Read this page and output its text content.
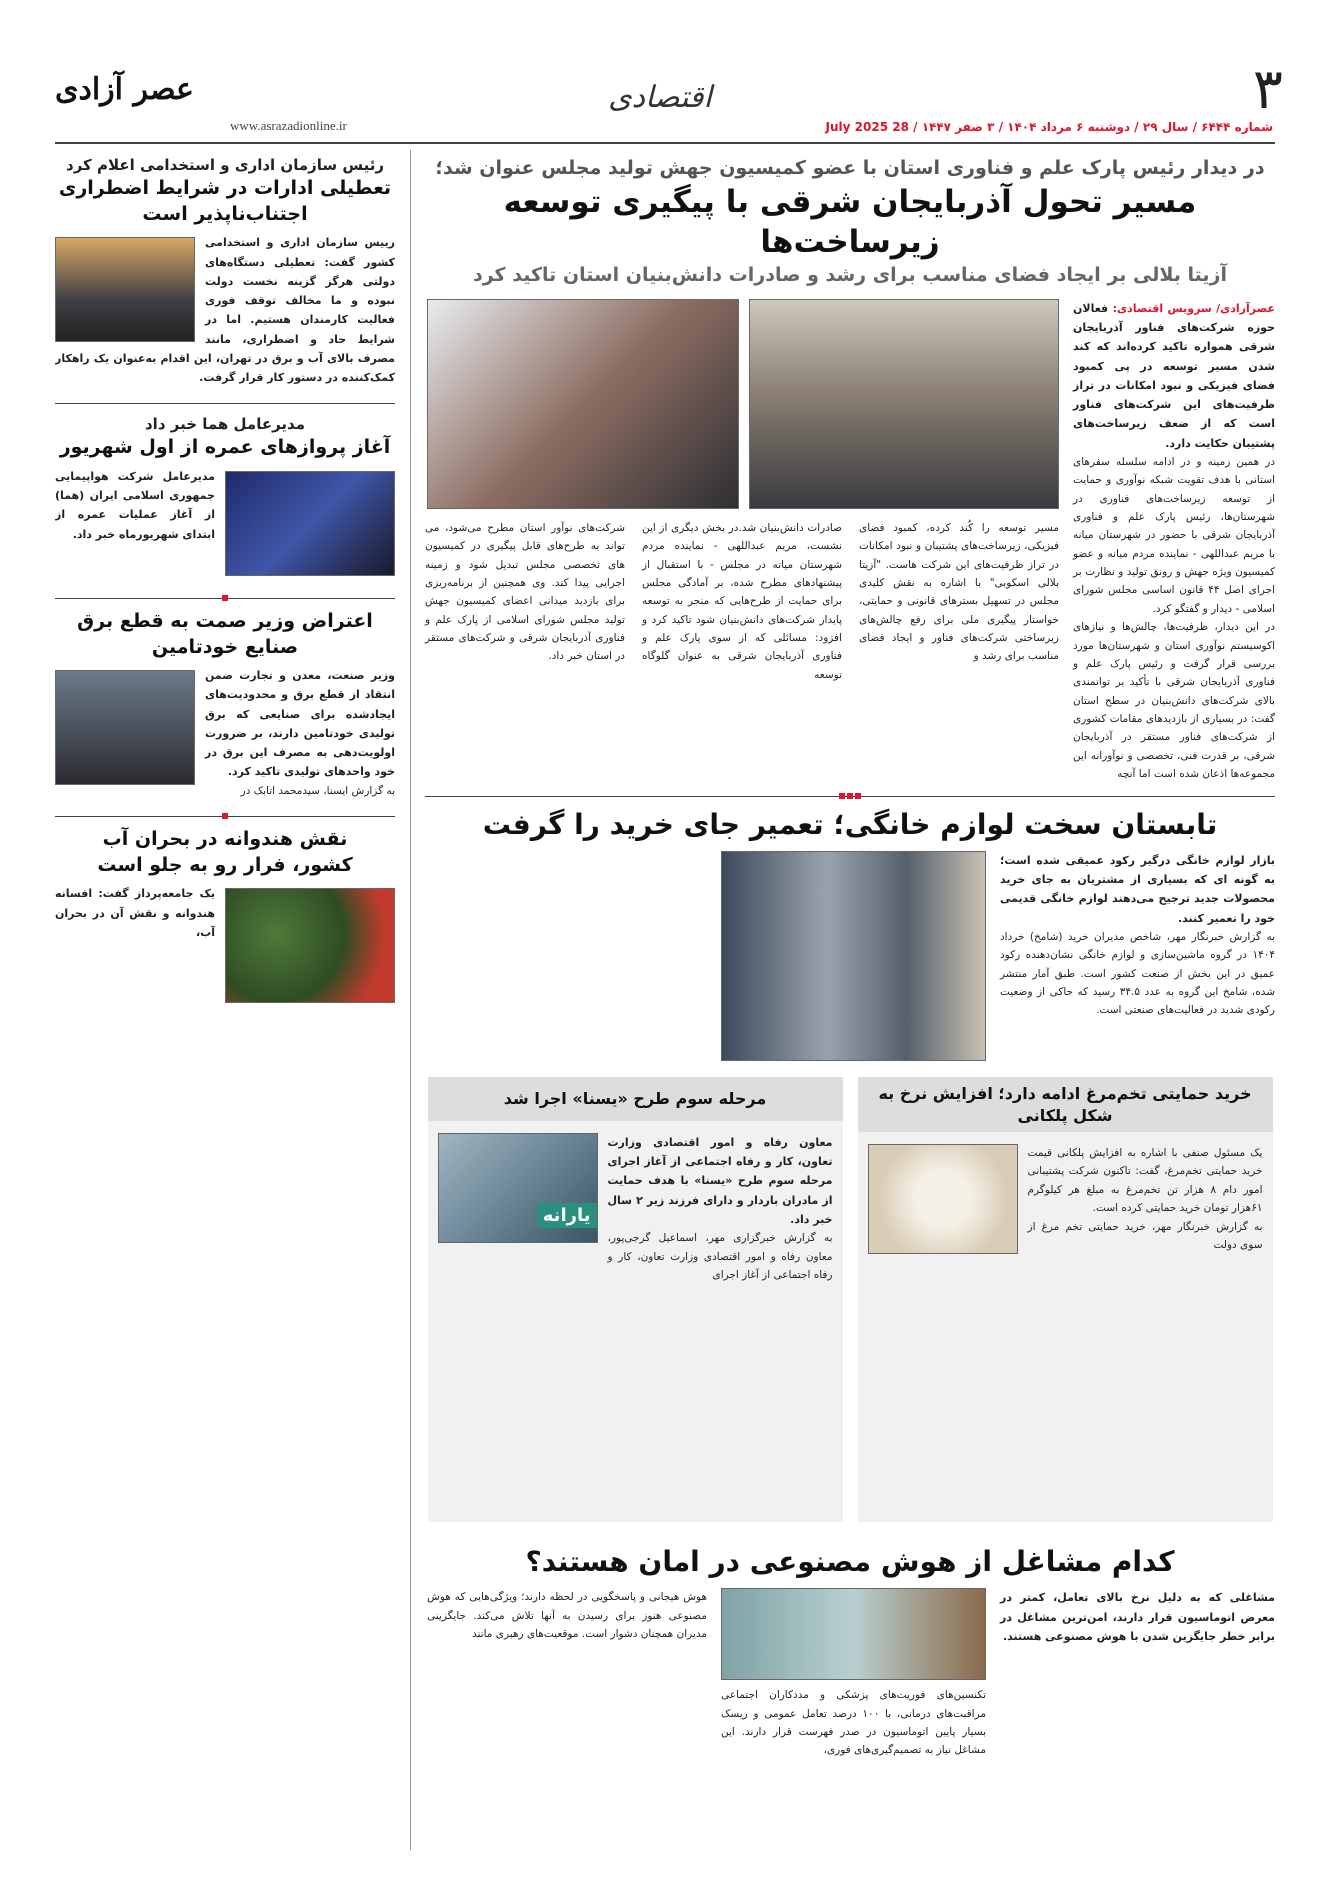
۳
شماره ۶۴۴۴ / سال ۲۹ / دوشنبه ۶ مرداد ۱۴۰۴ / ۳ صفر ۱۴۴۷ / 28 July 2025
اقتصادی
عصر آزادی
www.asrazadionline.ir
در دیدار رئیس پارک علم و فناوری استان با عضو کمیسیون جهش تولید مجلس عنوان شد؛
مسیر تحول آذربایجان شرقی با پیگیری توسعه زیرساخت‌ها
آزیتا بلالی بر ایجاد فضای مناسب برای رشد و صادرات دانش‌بنیان استان تاکید کرد

عصرآزادی/ سرویس اقتصادی: فعالان حوزه شرکت‌های فناور آذربایجان شرقی همواره تاکید کرده‌اند که کند شدن مسیر توسعه در پی کمبود فضای فیزیکی و نبود امکانات در تراز ظرفیت‌های این شرکت‌های فناور است که از ضعف زیرساخت‌های پشتیبان حکایت دارد.

در همین زمینه و در ادامه سلسله سفرهای استانی با هدف تقویت شبکه نوآوری و حمایت از توسعه زیرساخت‌های فناوری در شهرستان‌ها، رئیس پارک علم و فناوری آذربایجان شرقی با حضور در شهرستان میانه با مریم عبداللهی - نماینده مردم میانه و عضو کمیسیون ویژه جهش و رونق تولید و نظارت بر اجرای اصل ۴۴ قانون اساسی مجلس شورای اسلامی - دیدار و گفتگو کرد.

در این دیدار، ظرفیت‌ها، چالش‌ها و نیازهای اکوسیستم نوآوری استان و شهرستان‌ها مورد بررسی قرار گرفت و رئیس پارک علم و فناوری آذربایجان شرقی با تأکید بر توانمندی بالای شرکت‌های دانش‌بنیان در سطح استان گفت: در بسیاری از بازدیدهای مقامات کشوری از شرکت‌های فناور مستقر در آذربایجان شرقی، بر قدرت فنی، تخصصی و نوآورانه این مجموعه‌ها اذعان شده است اما آنچه

مسیر توسعه را کُند کرده، کمبود فضای فیزیکی، زیرساخت‌های پشتیبان و نبود امکانات در تراز ظرفیت‌های این شرکت هاست. "آزیتا بلالی اسکوبی" با اشاره به نقش کلیدی مجلس در تسهیل بسترهای قانونی و حمایتی، خواستار پیگیری ملی برای رفع چالش‌های زیرساختی شرکت‌های فناور و ایجاد فضای مناسب برای رشد و
صادرات دانش‌بنیان شد.در بخش دیگری از این نشست، مریم عبداللهی - نماینده مردم شهرستان میانه در مجلس - با استقبال از پیشنهادهای مطرح شده، بر آمادگی مجلس برای حمایت از طرح‌هایی که منجر به توسعه پایدار شرکت‌های دانش‌بنیان شود تاکید کرد و افزود: مسائلی که از سوی پارک علم و فناوری آذربایجان شرقی به عنوان گلوگاه توسعه
شرکت‌های نوآور استان مطرح می‌شود، می تواند به طرح‌های قابل پیگیری در کمیسیون های تخصصی مجلس تبدیل شود و زمینه اجرایی پیدا کند. وی همچنین از برنامه‌ریزی برای بازدید میدانی اعضای کمیسیون جهش تولید مجلس شورای اسلامی از پارک علم و فناوری آذربایجان شرقی و شرکت‌های مستقر در استان خبر داد.
تابستان سخت لوازم خانگی؛ تعمیر جای خرید را گرفت

بازار لوازم خانگی درگیر رکود عمیقی شده است؛ به گونه ای که بسیاری از مشتریان به جای خرید محصولات جدید ترجیح می‌دهند لوازم خانگی قدیمی خود را تعمیر کنند.

به گزارش خبرنگار مهر، شاخص مدیران خرید (شامخ) خرداد ۱۴۰۴ در گروه ماشین‌سازی و لوازم خانگی نشان‌دهنده رکود عمیق در این بخش از صنعت کشور است. طبق آمار منتشر شده، شامخ این گروه به عدد ۳۴.۵ رسید که حاکی از وضعیت رکودی شدید در فعالیت‌های صنعتی است.

خرید حمایتی تخم‌مرغ ادامه دارد؛ افزایش نرخ به شکل پلکانی

یک مسئول صنفی با اشاره به افزایش پلکانی قیمت خرید حمایتی تخم‌مرغ، گفت: تاکنون شرکت پشتیبانی امور دام ۸ هزار تن تخم‌مرغ به مبلغ هر کیلوگرم ۶۱هزار تومان خرید حمایتی کرده است.

به گزارش خبرنگار مهر، خرید حمایتی تخم مرغ از سوی دولت

مرحله سوم طرح «یسنا» اجرا شد
یارانه

معاون رفاه و امور اقتصادی وزارت تعاون، کار و رفاه اجتماعی از آغاز اجرای مرحله سوم طرح «یسنا» با هدف حمایت از مادران باردار و دارای فرزند زیر ۲ سال خبر داد.

به گزارش خبرگزاری مهر، اسماعیل گرجی‌پور، معاون رفاه و امور اقتصادی وزارت تعاون، کار و رفاه اجتماعی از آغاز اجرای

کدام مشاغل از هوش مصنوعی در امان هستند؟
مشاغلی که به دلیل نرخ بالای تعامل، کمتر در معرض اتوماسیون قرار دارند، امن‌ترین مشاغل در برابر خطر جایگزین شدن با هوش مصنوعی هستند.
تکنسین‌های فوریت‌های پزشکی و مددکاران اجتماعی مراقبت‌های درمانی، با ۱۰۰ درصد تعامل عمومی و ریسک بسیار پایین اتوماسیون در صدر فهرست قرار دارند. این مشاغل نیاز به تصمیم‌گیری‌های فوری،
هوش هیجانی و پاسخگویی در لحظه دارند؛ ویژگی‌هایی که هوش مصنوعی هنوز برای رسیدن به آنها تلاش می‌کند. جایگزینی مدیران همچنان دشوار است. موقعیت‌های رهبری مانند
رئیس سازمان اداری و استخدامی اعلام کرد
تعطیلی ادارات در شرایط اضطراری اجتناب‌ناپذیر است
رییس سازمان اداری و استخدامی کشور گفت: تعطیلی دستگاه‌های دولتی هرگز گزینه نخست دولت نبوده و ما مخالف توقف فوری فعالیت کارمندان هستیم. اما در شرایط حاد و اضطراری، مانند مصرف بالای آب و برق در تهران، این اقدام به‌عنوان یک راهکار کمک‌کننده در دستور کار قرار گرفت.
مدیرعامل هما خبر داد
آغاز پروازهای عمره از اول شهریور
مدیرعامل شرکت هواپیمایی جمهوری اسلامی ایران (هما) از آغاز عملیات عمره از ابتدای شهریورماه خبر داد.
اعتراض وزیر صمت به قطع برق صنایع خودتامین
وزیر صنعت، معدن و تجارت ضمن انتقاد از قطع برق و محدودیت‌های ایجادشده برای صنایعی که برق تولیدی خودتامین دارند، بر ضرورت اولویت‌دهی به مصرف این برق در خود واحدهای تولیدی تاکید کرد.
به گزارش ایسنا، سیدمحمد اتابک در
نقش هندوانه در بحران آب کشور، فرار رو به جلو است
یک جامعه‌پرداز گفت: افسانه هندوانه و نقش آن در بحران آب،
